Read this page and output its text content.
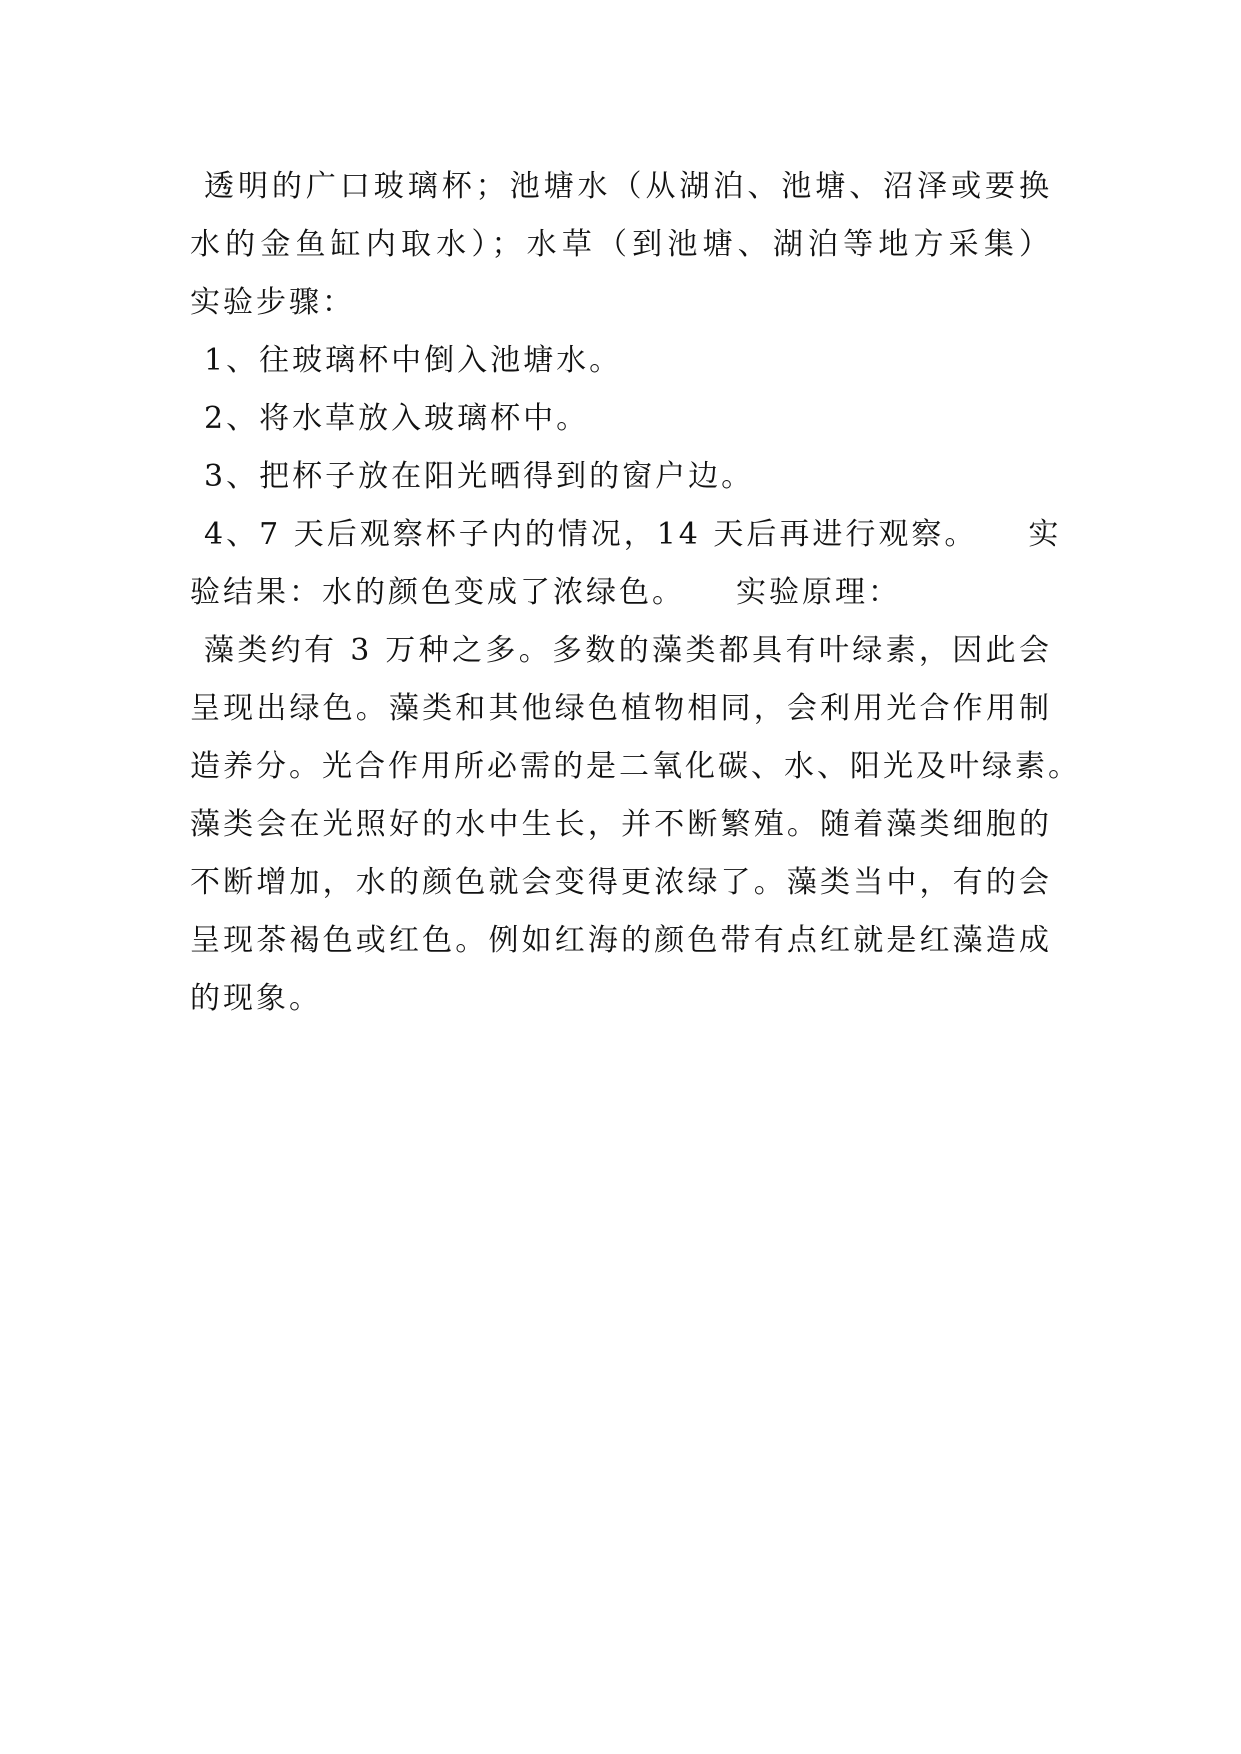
透明的广口玻璃杯；池塘水（从湖泊、池塘、沼泽或要换
水的金鱼缸内取水）；水草（到池塘、湖泊等地方采集）
实验步骤：
1、往玻璃杯中倒入池塘水。
2、将水草放入玻璃杯中。
3、把杯子放在阳光晒得到的窗户边。
4、7 天后观察杯子内的情况，14 天后再进行观察。　　实
验结果：水的颜色变成了浓绿色。　　实验原理：
藻类约有 3 万种之多。多数的藻类都具有叶绿素，因此会
呈现出绿色。藻类和其他绿色植物相同，会利用光合作用制
造养分。光合作用所必需的是二氧化碳、水、阳光及叶绿素。
藻类会在光照好的水中生长，并不断繁殖。随着藻类细胞的
不断增加，水的颜色就会变得更浓绿了。藻类当中，有的会
呈现茶褐色或红色。例如红海的颜色带有点红就是红藻造成
的现象。
